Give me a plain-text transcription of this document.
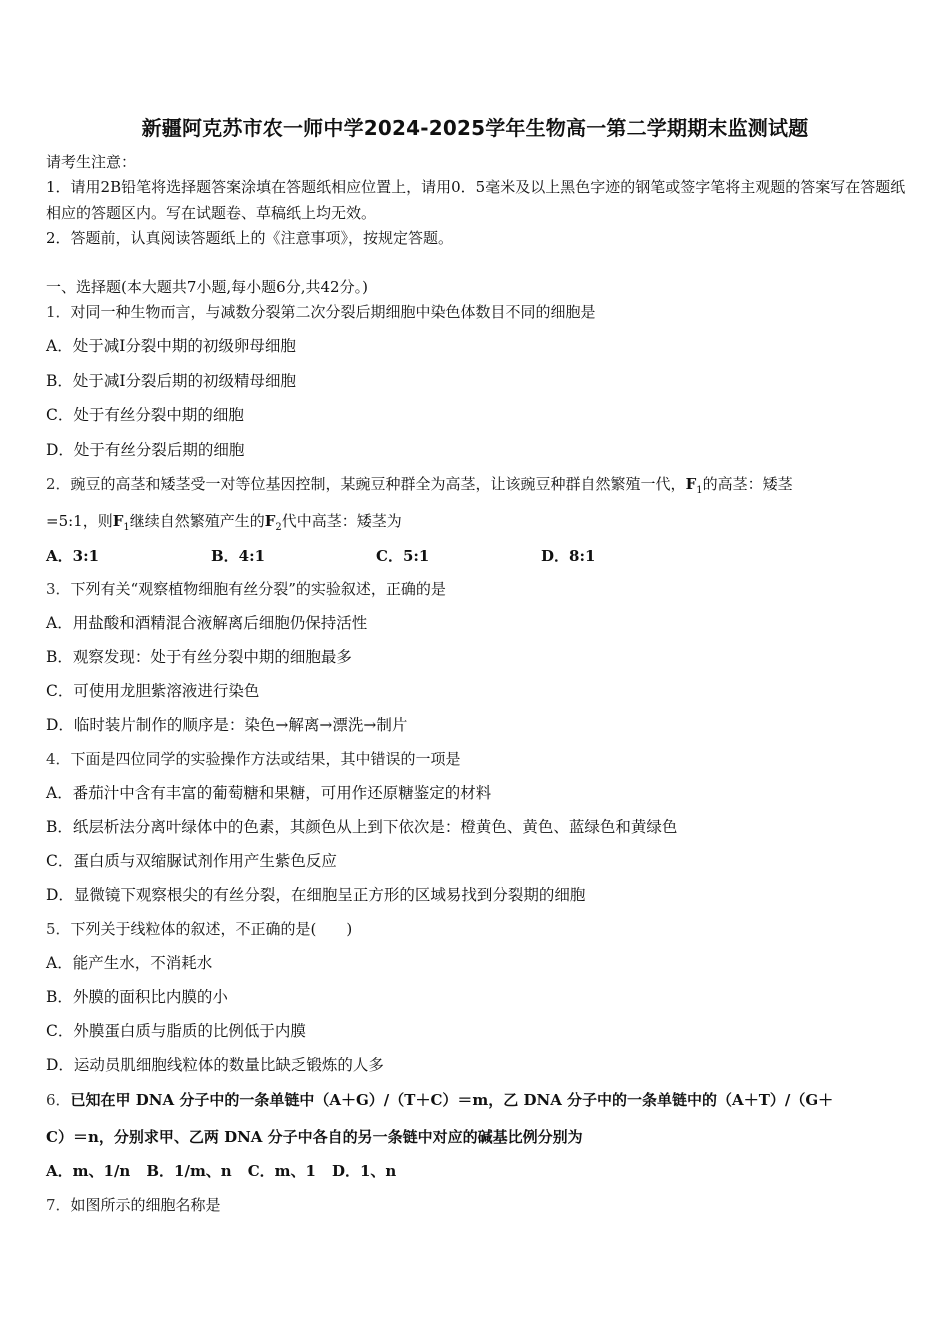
新疆阿克苏市农一师中学2024-2025学年生物高一第二学期期末监测试题
请考生注意：
1．请用2B铅笔将选择题答案涂填在答题纸相应位置上，请用0．5毫米及以上黑色字迹的钢笔或签字笔将主观题的答案写在答题纸相应的答题区内。写在试题卷、草稿纸上均无效。
2．答题前，认真阅读答题纸上的《注意事项》，按规定答题。
一、选择题(本大题共7小题,每小题6分,共42分。)
1．对同一种生物而言，与减数分裂第二次分裂后期细胞中染色体数目不同的细胞是
A．处于减Ⅰ分裂中期的初级卵母细胞
B．处于减Ⅰ分裂后期的初级精母细胞
C．处于有丝分裂中期的细胞
D．处于有丝分裂后期的细胞
2．豌豆的高茎和矮茎受一对等位基因控制，某豌豆种群全为高茎，让该豌豆种群自然繁殖一代，$F_1$的高茎：矮茎
=5:1，则$F_1$继续自然繁殖产生的$F_2$代中高茎：矮茎为
A．3:1	B．4:1	C．5:1	D．8:1
3．下列有关“观察植物细胞有丝分裂”的实验叙述，正确的是
A．用盐酸和酒精混合液解离后细胞仍保持活性
B．观察发现：处于有丝分裂中期的细胞最多
C．可使用龙胆紫溶液进行染色
D．临时装片制作的顺序是：染色→解离→漂洗→制片
4．下面是四位同学的实验操作方法或结果，其中错误的一项是
A．番茄汁中含有丰富的葡萄糖和果糖，可用作还原糖鉴定的材料
B．纸层析法分离叶绿体中的色素，其颜色从上到下依次是：橙黄色、黄色、蓝绿色和黄绿色
C．蛋白质与双缩脲试剂作用产生紫色反应
D．显微镜下观察根尖的有丝分裂，在细胞呈正方形的区域易找到分裂期的细胞
5．下列关于线粒体的叙述，不正确的是(　　)
A．能产生水，不消耗水
B．外膜的面积比内膜的小
C．外膜蛋白质与脂质的比例低于内膜
D．运动员肌细胞线粒体的数量比缺乏锻炼的人多
6．已知在甲 DNA 分子中的一条单链中（A＋G）/（T＋C）＝m，乙 DNA 分子中的一条单链中的（A＋T）/（G＋
C）＝n，分别求甲、乙两 DNA 分子中各自的另一条链中对应的碱基比例分别为
A．m、1/n B．1/m、n C．m、1 D．1、n
7．如图所示的细胞名称是
